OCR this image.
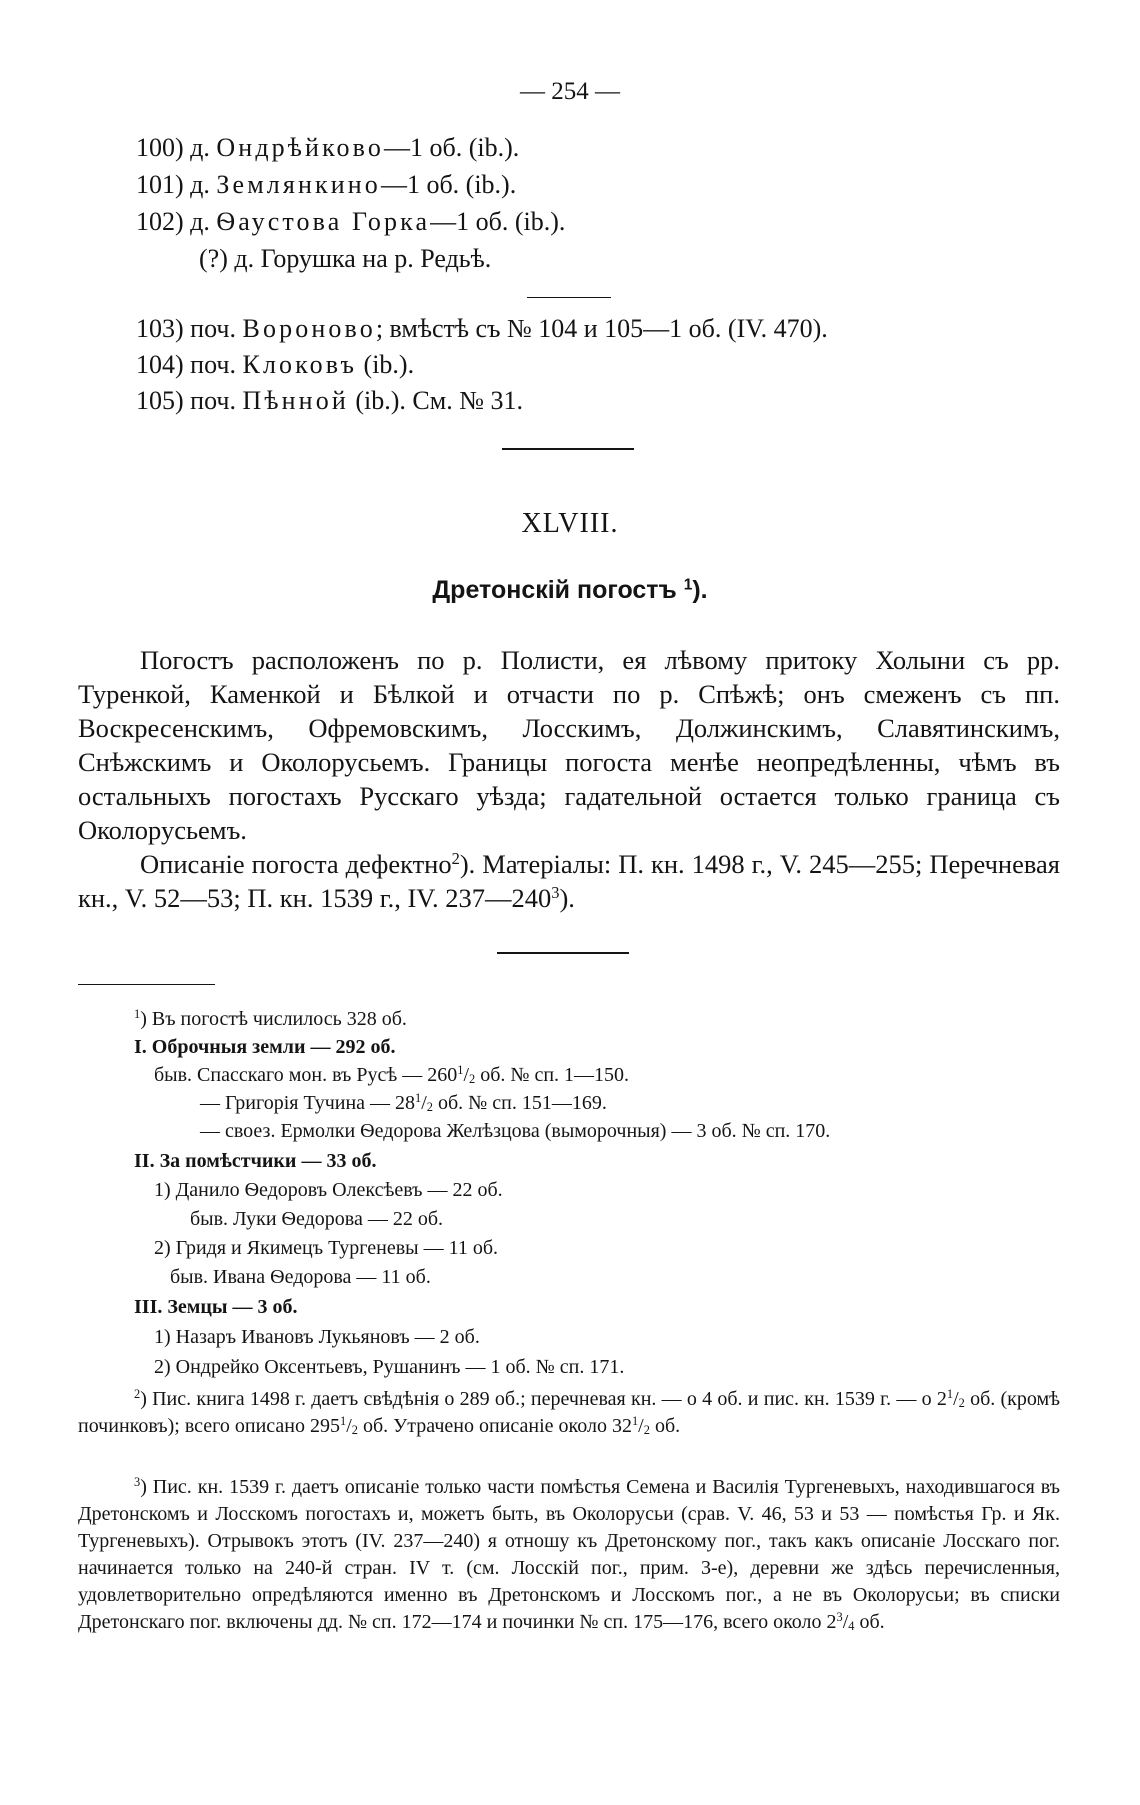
— 254 —
100) д. Ондрѣйково—1 об. (ib.).
101) д. Землянкино—1 об. (ib.).
102) д. Ѳаустова Горка—1 об. (ib.).
(?) д. Горушка на р. Редьѣ.
103) поч. Вороново; вмѣстѣ съ № 104 и 105—1 об. (IV. 470).
104) поч. Клоковъ (ib.).
105) поч. Пѣнной (ib.). См. № 31.
XLVIII.
Дретонскій погостъ $^1$).

Погостъ расположенъ по р. Полисти, ея лѣвому притоку Холыни съ рр. Туренкой, Каменкой и Бѣлкой и отчасти по р. Спѣжѣ; онъ смеженъ съ пп. Воскресенскимъ, Офремовскимъ, Лосскимъ, Должинскимъ, Славятинскимъ, Снѣжскимъ и Околорусьемъ. Границы погоста менѣе неопредѣленны, чѣмъ въ остальныхъ погостахъ Русскаго уѣзда; гадательной остается только граница съ Околорусьемъ.

Описаніе погоста дефектно$^2$). Матеріалы: П. кн. 1498 г., V. 245—255; Перечневая кн., V. 52—53; П. кн. 1539 г., IV. $237—240^3$).

$^1$) Въ погостѣ числилось 328 об.
I. Оброчныя земли — 292 об.
быв. Спасскаго мон. въ Русѣ — $260^1/_2$ об. № сп. 1—150.
— Григорія Тучина — $28^1/_2$ об. № сп. 151—169.
— своез. Ермолки Ѳедорова Желѣзцова (выморочныя) — 3 об. № сп. 170.
II. За помѣстчики — 33 об.
1) Данило Ѳедоровъ Олексѣевъ — 22 об.
быв. Луки Ѳедорова — 22 об.
2) Гридя и Якимецъ Тургеневы — 11 об.
быв. Ивана Ѳедорова — 11 об.
III. Земцы — 3 об.
1) Назаръ Ивановъ Лукьяновъ — 2 об.
2) Ондрейко Оксентьевъ, Рушанинъ — 1 об. № сп. 171.

$^2$) Пис. книга 1498 г. даетъ свѣдѣнія о 289 об.; перечневая кн. — о 4 об. и пис. кн. 1539 г. — о $2^1/_2$ об. (кромѣ починковъ); всего описано $295^1/_2$ об. Утрачено описаніе около $32^1/_2$ об.

$^3$) Пис. кн. 1539 г. даетъ описаніе только части помѣстья Семена и Василія Тургеневыхъ, находившагося въ Дретонскомъ и Лосскомъ погостахъ и, можетъ быть, въ Околорусьи (срав. V. 46, 53 и 53 — помѣстья Гр. и Як. Тургеневыхъ). Отрывокъ этотъ (IV. 237—240) я отношу къ Дретонскому пог., такъ какъ описаніе Лосскаго пог. начинается только на 240-й стран. IV т. (см. Лосскій пог., прим. 3-е), деревни же здѣсь перечисленныя, удовлетворительно опредѣляются именно въ Дретонскомъ и Лосскомъ пог., а не въ Околорусьи; въ списки Дретонскаго пог. включены дд. № сп. 172—174 и починки № сп. 175—176, всего около $2^3/_4$ об.
